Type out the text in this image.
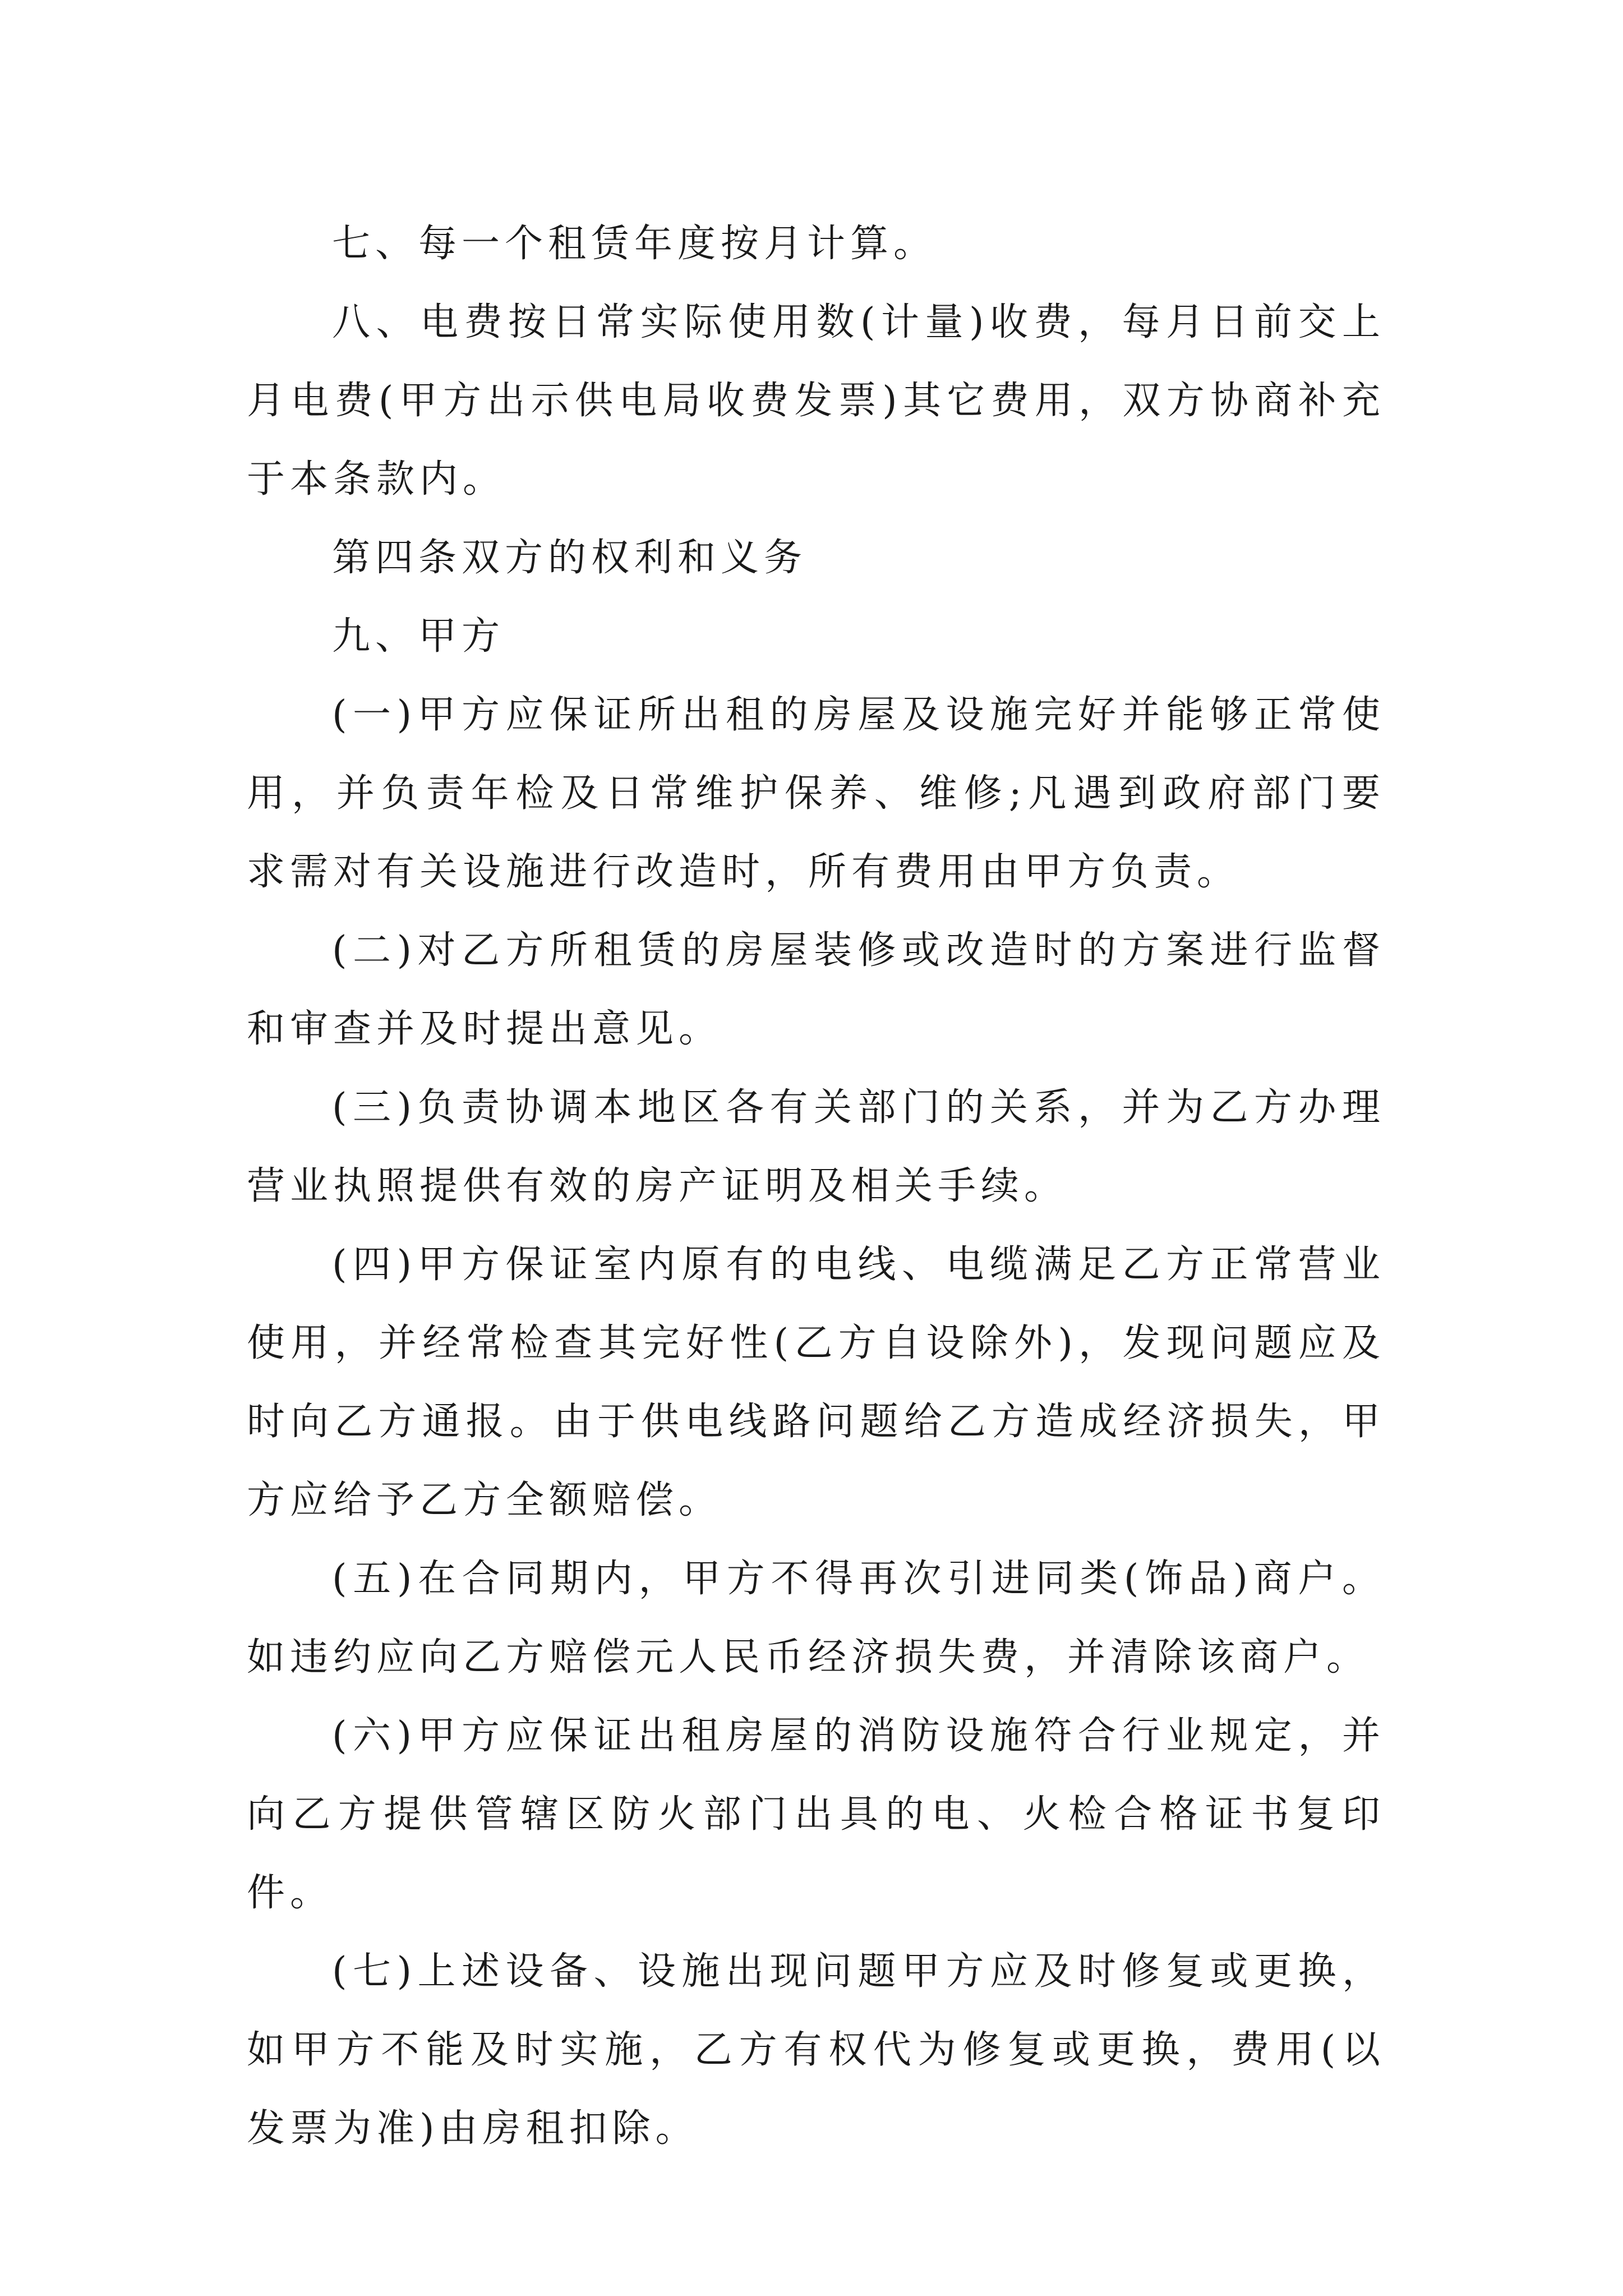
七、每一个租赁年度按月计算。

八、电费按日常实际使用数(计量)收费，每月日前交上月电费(甲方出示供电局收费发票)其它费用，双方协商补充于本条款内。

第四条双方的权利和义务

九、甲方

(一)甲方应保证所出租的房屋及设施完好并能够正常使用，并负责年检及日常维护保养、维修;凡遇到政府部门要求需对有关设施进行改造时，所有费用由甲方负责。

(二)对乙方所租赁的房屋装修或改造时的方案进行监督和审查并及时提出意见。

(三)负责协调本地区各有关部门的关系，并为乙方办理营业执照提供有效的房产证明及相关手续。

(四)甲方保证室内原有的电线、电缆满足乙方正常营业使用，并经常检查其完好性(乙方自设除外)，发现问题应及时向乙方通报。由于供电线路问题给乙方造成经济损失，甲方应给予乙方全额赔偿。

(五)在合同期内，甲方不得再次引进同类(饰品)商户。如违约应向乙方赔偿元人民币经济损失费，并清除该商户。

(六)甲方应保证出租房屋的消防设施符合行业规定，并向乙方提供管辖区防火部门出具的电、火检合格证书复印件。

(七)上述设备、设施出现问题甲方应及时修复或更换，如甲方不能及时实施，乙方有权代为修复或更换，费用(以发票为准)由房租扣除。
